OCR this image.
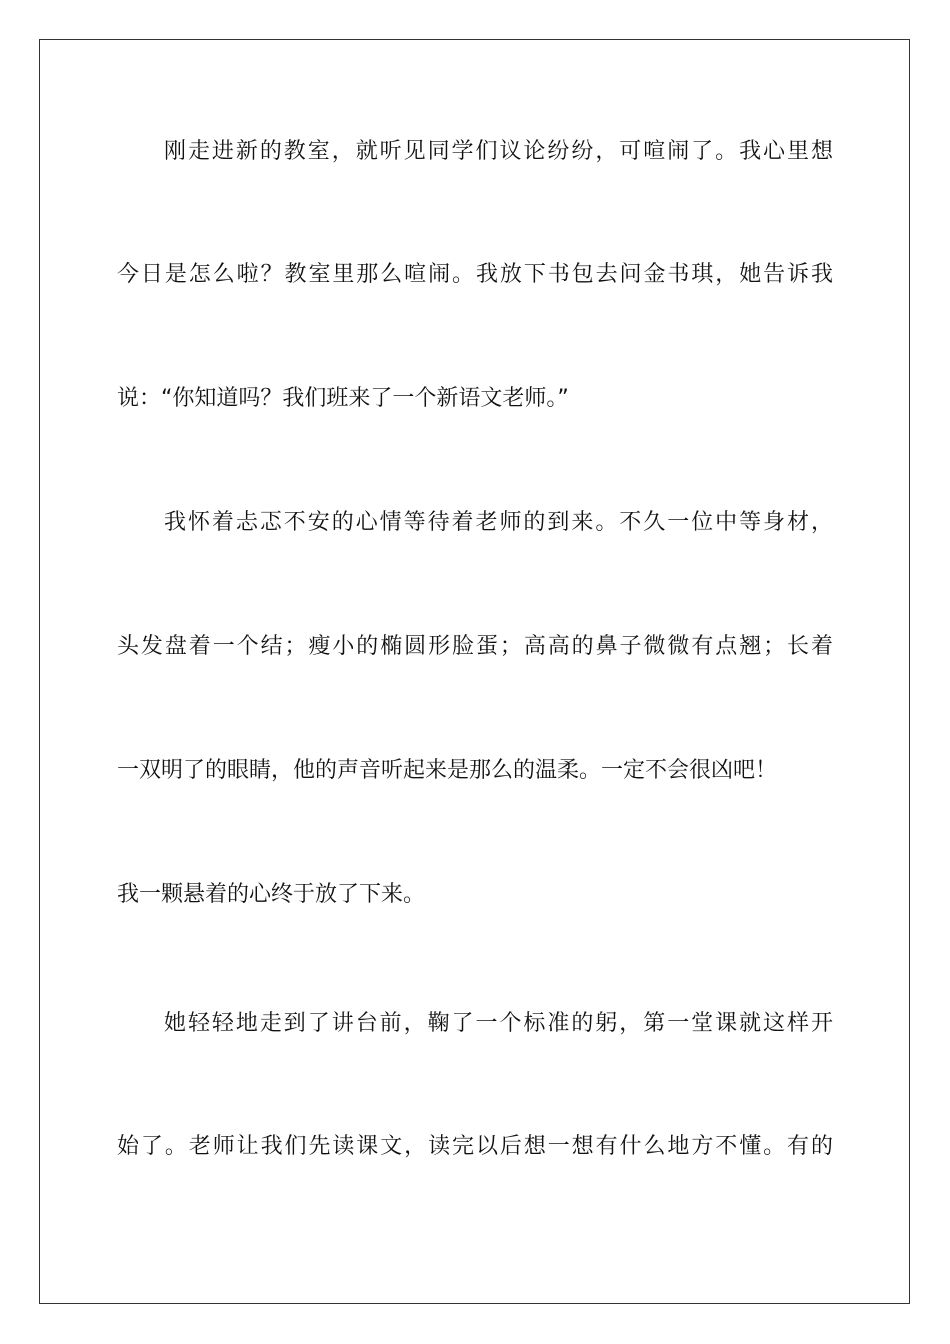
刚走进新的教室，就听见同学们议论纷纷，可喧闹了。我心里想
今日是怎么啦？教室里那么喧闹。我放下书包去问金书琪，她告诉我
说：“你知道吗？我们班来了一个新语文老师。”
我怀着忐忑不安的心情等待着老师的到来。不久一位中等身材，
头发盘着一个结；瘦小的椭圆形脸蛋；高高的鼻子微微有点翘；长着
一双明了的眼睛，他的声音听起来是那么的温柔。一定不会很凶吧！
我一颗悬着的心终于放了下来。
她轻轻地走到了讲台前，鞠了一个标准的躬，第一堂课就这样开
始了。老师让我们先读课文，读完以后想一想有什么地方不懂。有的
